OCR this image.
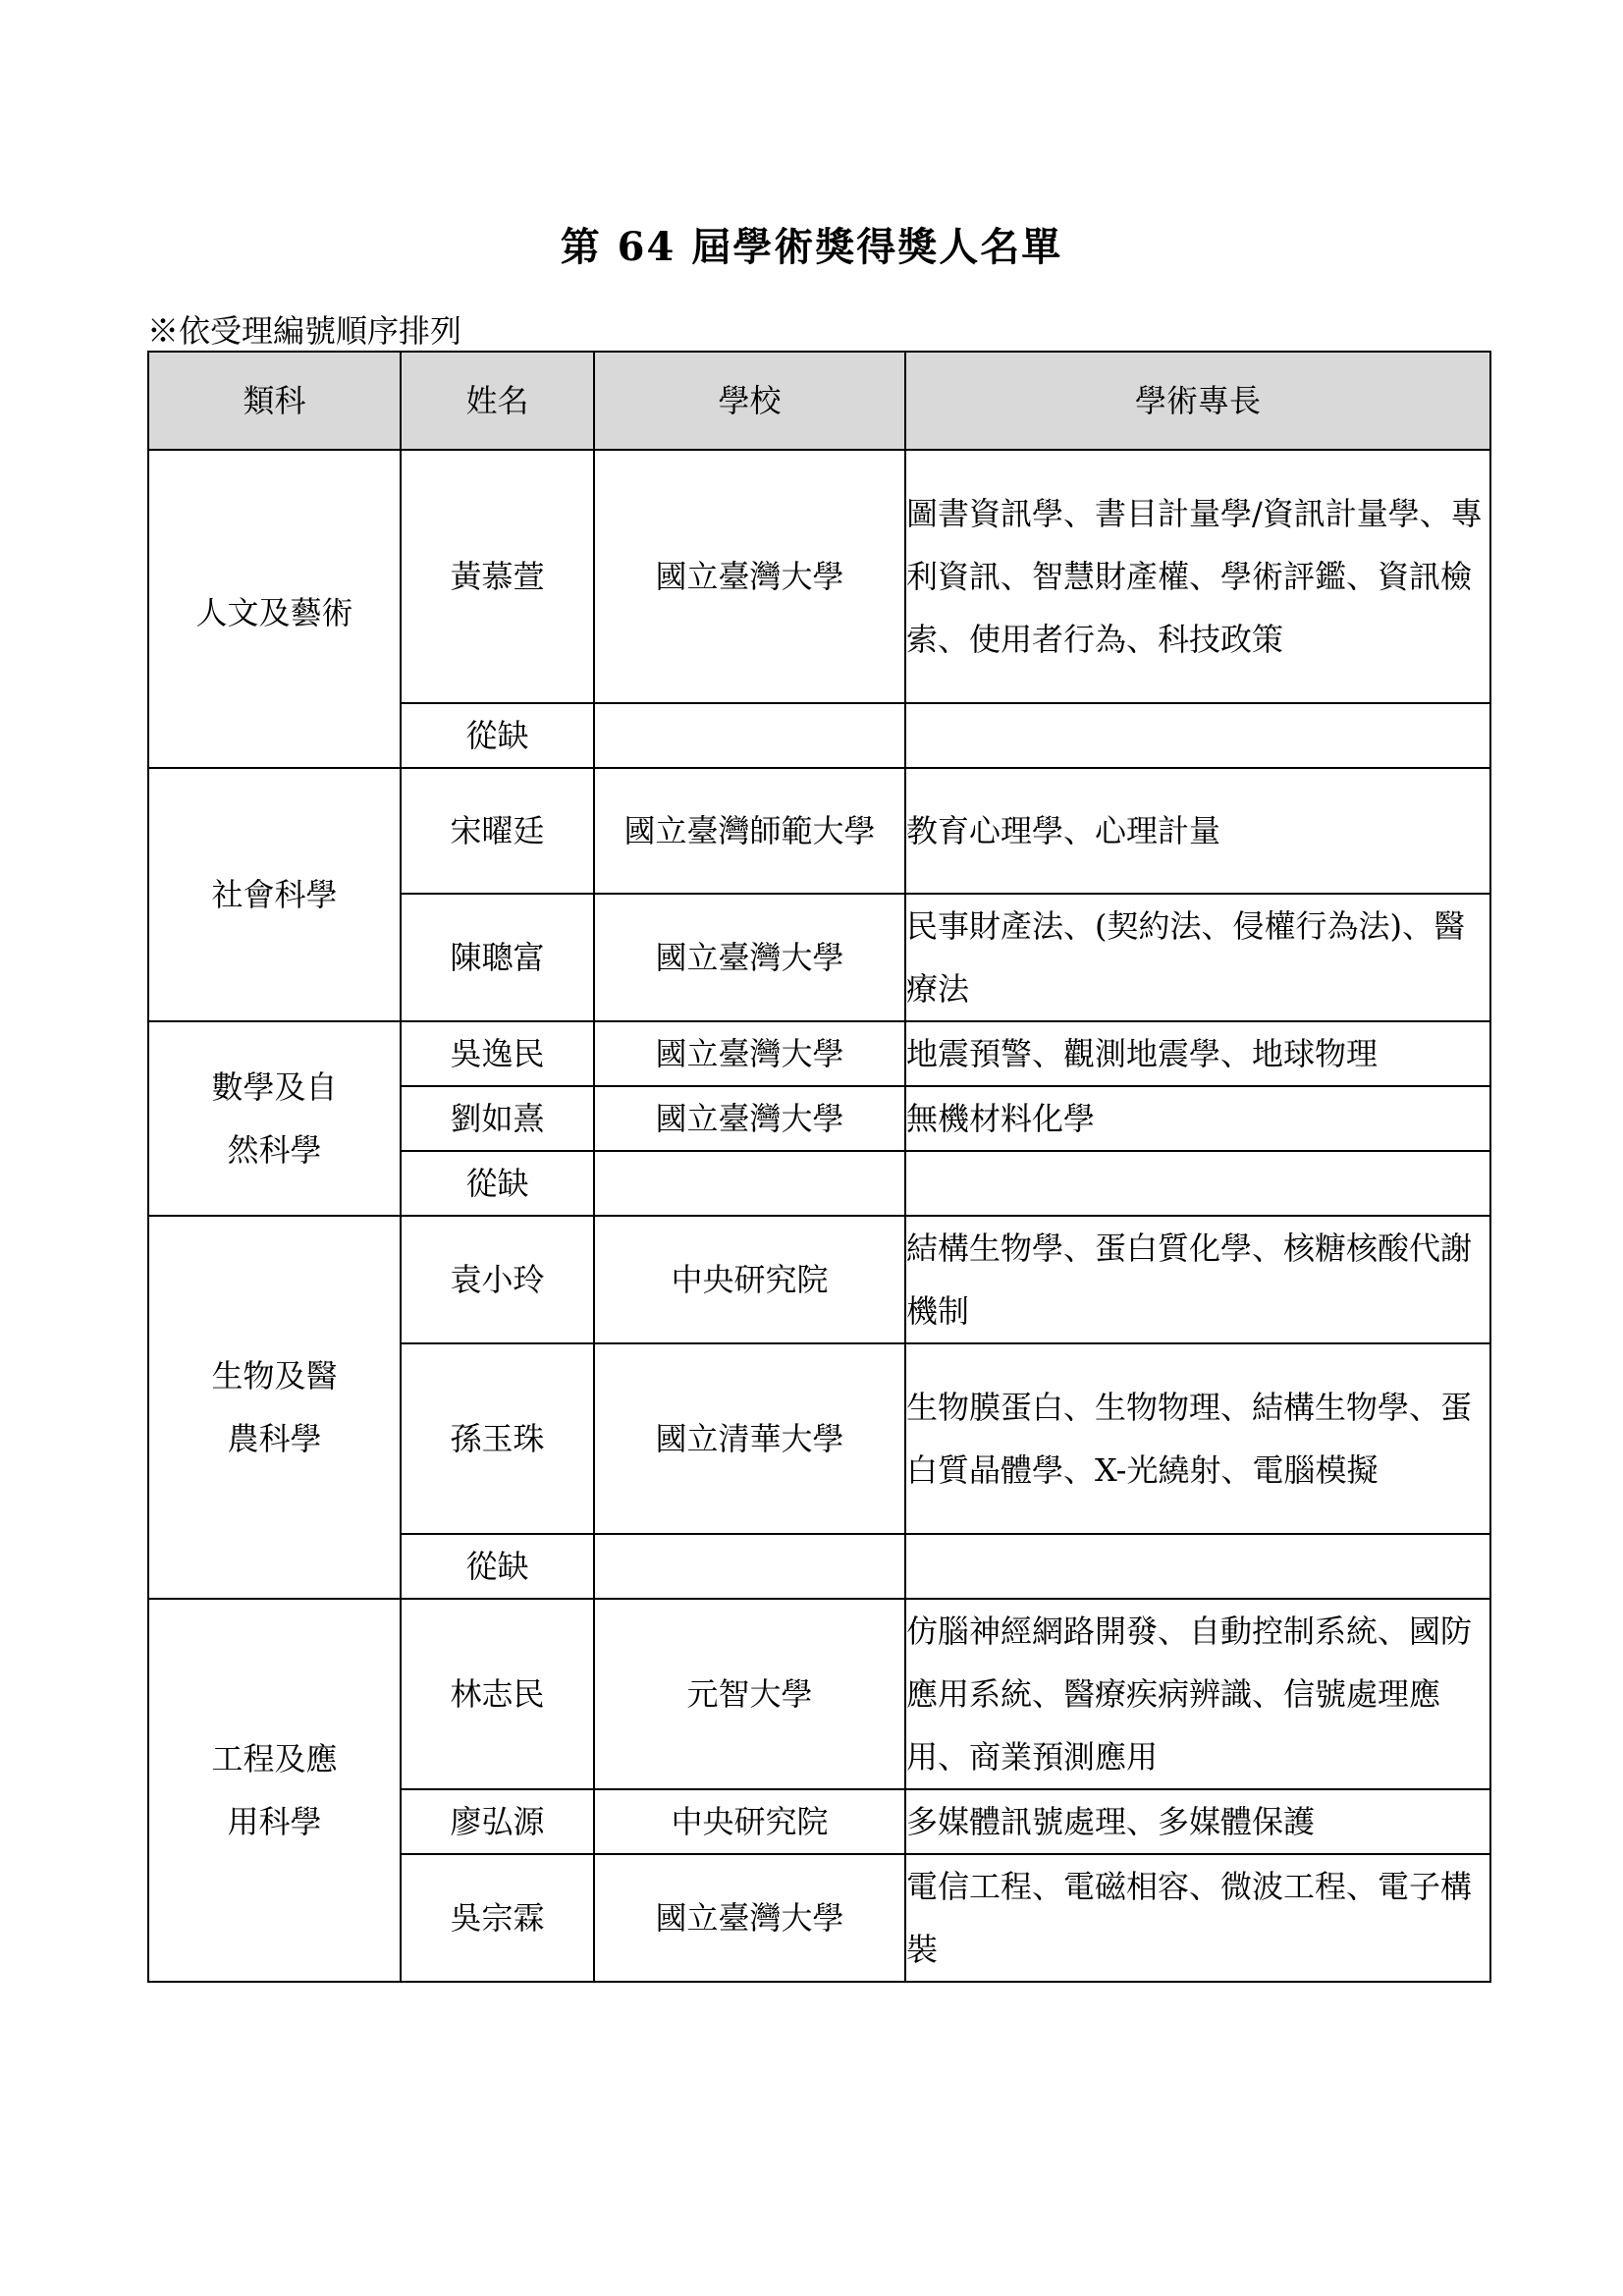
第 64 屆學術獎得獎人名單
※依受理編號順序排列
類科	姓名	學校	學術專長
人文及藝術	黃慕萱	國立臺灣大學	圖書資訊學、書目計量學/資訊計量學、專利資訊、智慧財產權、學術評鑑、資訊檢索、使用者行為、科技政策
	從缺		
社會科學	宋曜廷	國立臺灣師範大學	教育心理學、心理計量
	陳聰富	國立臺灣大學	民事財產法、(契約法、侵權行為法)、醫療法
數學及自然科學	吳逸民	國立臺灣大學	地震預警、觀測地震學、地球物理
	劉如熹	國立臺灣大學	無機材料化學
	從缺		
生物及醫農科學	袁小玲	中央研究院	結構生物學、蛋白質化學、核糖核酸代謝機制
	孫玉珠	國立清華大學	生物膜蛋白、生物物理、結構生物學、蛋白質晶體學、X-光繞射、電腦模擬
	從缺		
工程及應用科學	林志民	元智大學	仿腦神經網路開發、自動控制系統、國防應用系統、醫療疾病辨識、信號處理應用、商業預測應用
	廖弘源	中央研究院	多媒體訊號處理、多媒體保護
	吳宗霖	國立臺灣大學	電信工程、電磁相容、微波工程、電子構裝
